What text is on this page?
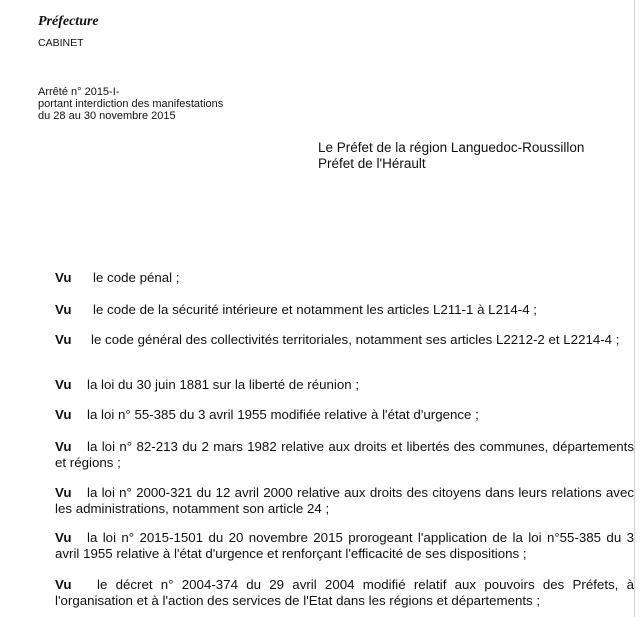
Préfecture
CABINET
Arrêté n° 2015-I-
portant interdiction des manifestations
du 28 au 30 novembre 2015
Le Préfet de la région Languedoc-Roussillon
Préfet de l'Hérault
Vu le code pénal ;
Vu le code de la sécurité intérieure et notamment les articles L211-1 à L214-4 ;
Vu le code général des collectivités territoriales, notamment ses articles L2212-2 et L2214-4 ;
Vu la loi du 30 juin 1881 sur la liberté de réunion ;
Vu la loi n° 55-385 du 3 avril 1955 modifiée relative à l'état d'urgence ;
Vu la loi n° 82-213 du 2 mars 1982 relative aux droits et libertés des communes, départements et régions ;
Vu la loi n° 2000-321 du 12 avril 2000 relative aux droits des citoyens dans leurs relations avec les administrations, notamment son article 24 ;
Vu la loi n° 2015-1501 du 20 novembre 2015 prorogeant l'application de la loi n°55-385 du 3 avril 1955 relative à l'état d'urgence et renforçant l'efficacité de ses dispositions ;
Vu le décret n° 2004-374 du 29 avril 2004 modifié relatif aux pouvoirs des Préfets, à l'organisation et à l'action des services de l'Etat dans les régions et départements ;
